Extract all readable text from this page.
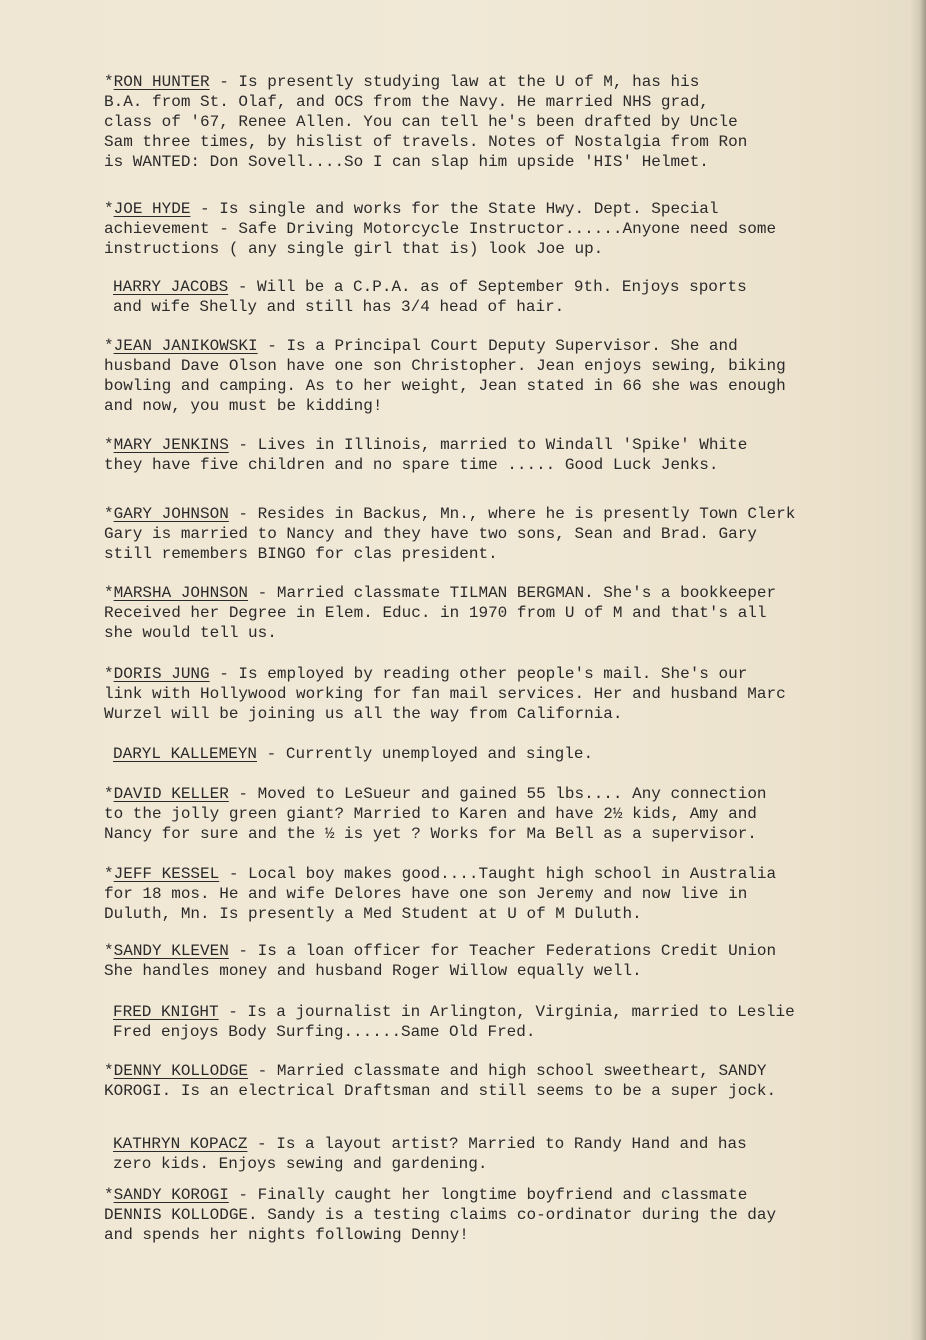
*RON HUNTER - Is presently studying law at the U of M, has his
B.A. from St. Olaf, and OCS from the Navy. He married NHS grad,
class of '67, Renee Allen. You can tell he's been drafted by Uncle
Sam three times, by hislist of travels. Notes of Nostalgia from Ron
is WANTED: Don Sovell....So I can slap him upside 'HIS' Helmet.
*JOE HYDE - Is single and works for the State Hwy. Dept. Special
achievement - Safe Driving Motorcycle Instructor......Anyone need some
instructions ( any single girl that is) look Joe up.
HARRY JACOBS - Will be a C.P.A. as of September 9th. Enjoys sports
and wife Shelly and still has 3/4 head of hair.
*JEAN JANIKOWSKI - Is a Principal Court Deputy Supervisor. She and
husband Dave Olson have one son Christopher. Jean enjoys sewing, biking
bowling and camping. As to her weight, Jean stated in 66 she was enough
and now, you must be kidding!
*MARY JENKINS - Lives in Illinois, married to Windall 'Spike' White
they have five children and no spare time ..... Good Luck Jenks.
*GARY JOHNSON - Resides in Backus, Mn., where he is presently Town Clerk
Gary is married to Nancy and they have two sons, Sean and Brad. Gary
still remembers BINGO for clas president.
*MARSHA JOHNSON - Married classmate TILMAN BERGMAN. She's a bookkeeper
Received her Degree in Elem. Educ. in 1970 from U of M and that's all
she would tell us.
*DORIS JUNG - Is employed by reading other people's mail. She's our
link with Hollywood working for fan mail services. Her and husband Marc
Wurzel will be joining us all the way from California.
DARYL KALLEMEYN - Currently unemployed and single.
*DAVID KELLER - Moved to LeSueur and gained 55 lbs.... Any connection
to the jolly green giant? Married to Karen and have 2½ kids, Amy and
Nancy for sure and the ½ is yet ? Works for Ma Bell as a supervisor.
*JEFF KESSEL - Local boy makes good....Taught high school in Australia
for 18 mos. He and wife Delores have one son Jeremy and now live in
Duluth, Mn. Is presently a Med Student at U of M Duluth.
*SANDY KLEVEN - Is a loan officer for Teacher Federations Credit Union
She handles money and husband Roger Willow equally well.
FRED KNIGHT - Is a journalist in Arlington, Virginia, married to Leslie
Fred enjoys Body Surfing......Same Old Fred.
*DENNY KOLLODGE - Married classmate and high school sweetheart, SANDY
KOROGI. Is an electrical Draftsman and still seems to be a super jock.
KATHRYN KOPACZ - Is a layout artist? Married to Randy Hand and has
zero kids. Enjoys sewing and gardening.
*SANDY KOROGI - Finally caught her longtime boyfriend and classmate
DENNIS KOLLODGE. Sandy is a testing claims co-ordinator during the day
and spends her nights following Denny!
